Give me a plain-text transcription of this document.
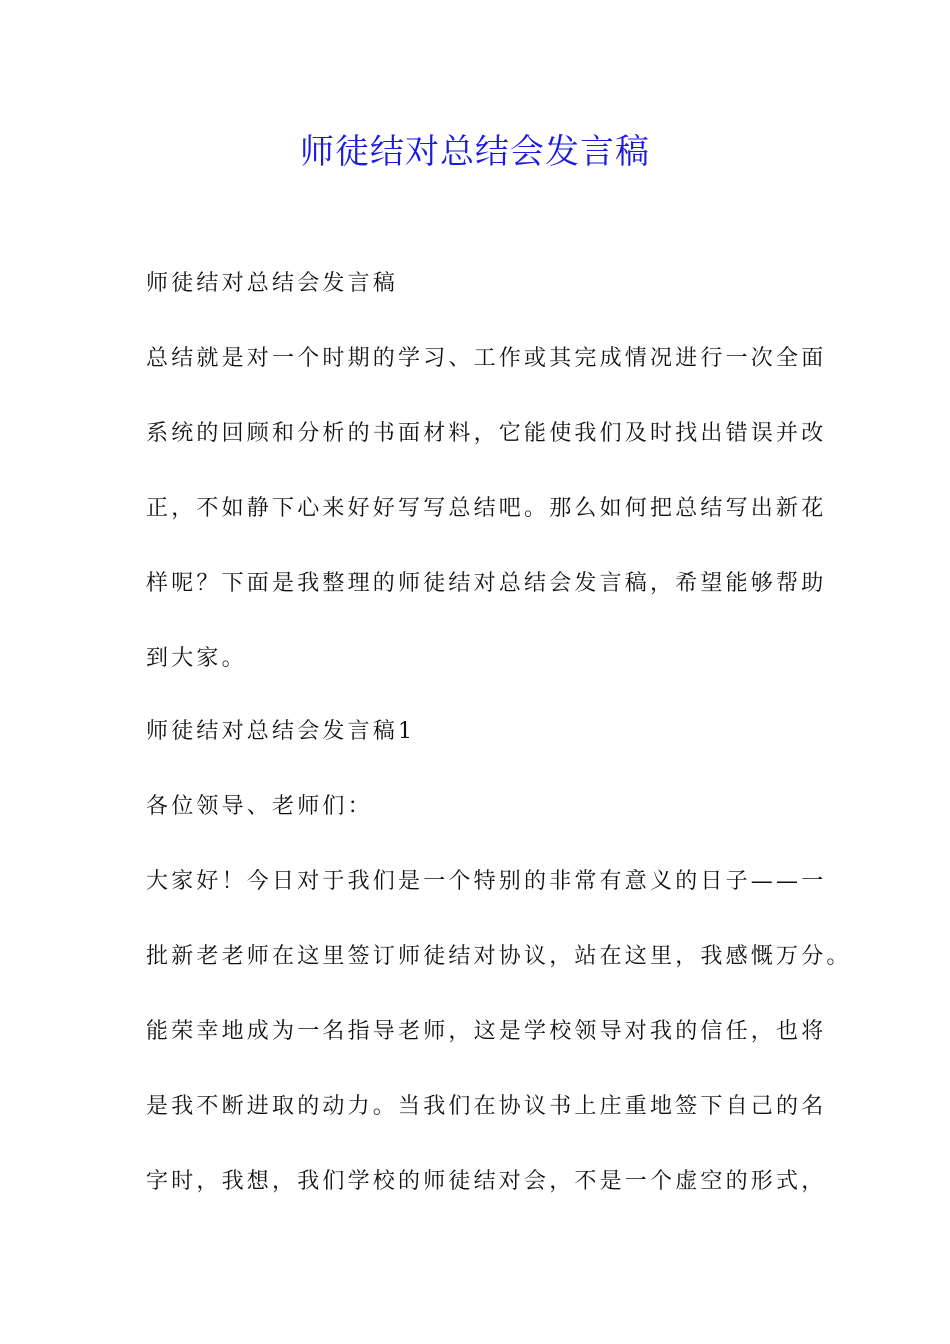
师徒结对总结会发言稿
师徒结对总结会发言稿
总结就是对一个时期的学习、工作或其完成情况进行一次全面
系统的回顾和分析的书面材料，它能使我们及时找出错误并改
正，不如静下心来好好写写总结吧。那么如何把总结写出新花
样呢？下面是我整理的师徒结对总结会发言稿，希望能够帮助
到大家。
师徒结对总结会发言稿1
各位领导、老师们：
大家好！今日对于我们是一个特别的非常有意义的日子——一
批新老老师在这里签订师徒结对协议，站在这里，我感慨万分。
能荣幸地成为一名指导老师，这是学校领导对我的信任，也将
是我不断进取的动力。当我们在协议书上庄重地签下自己的名
字时，我想，我们学校的师徒结对会，不是一个虚空的形式，
